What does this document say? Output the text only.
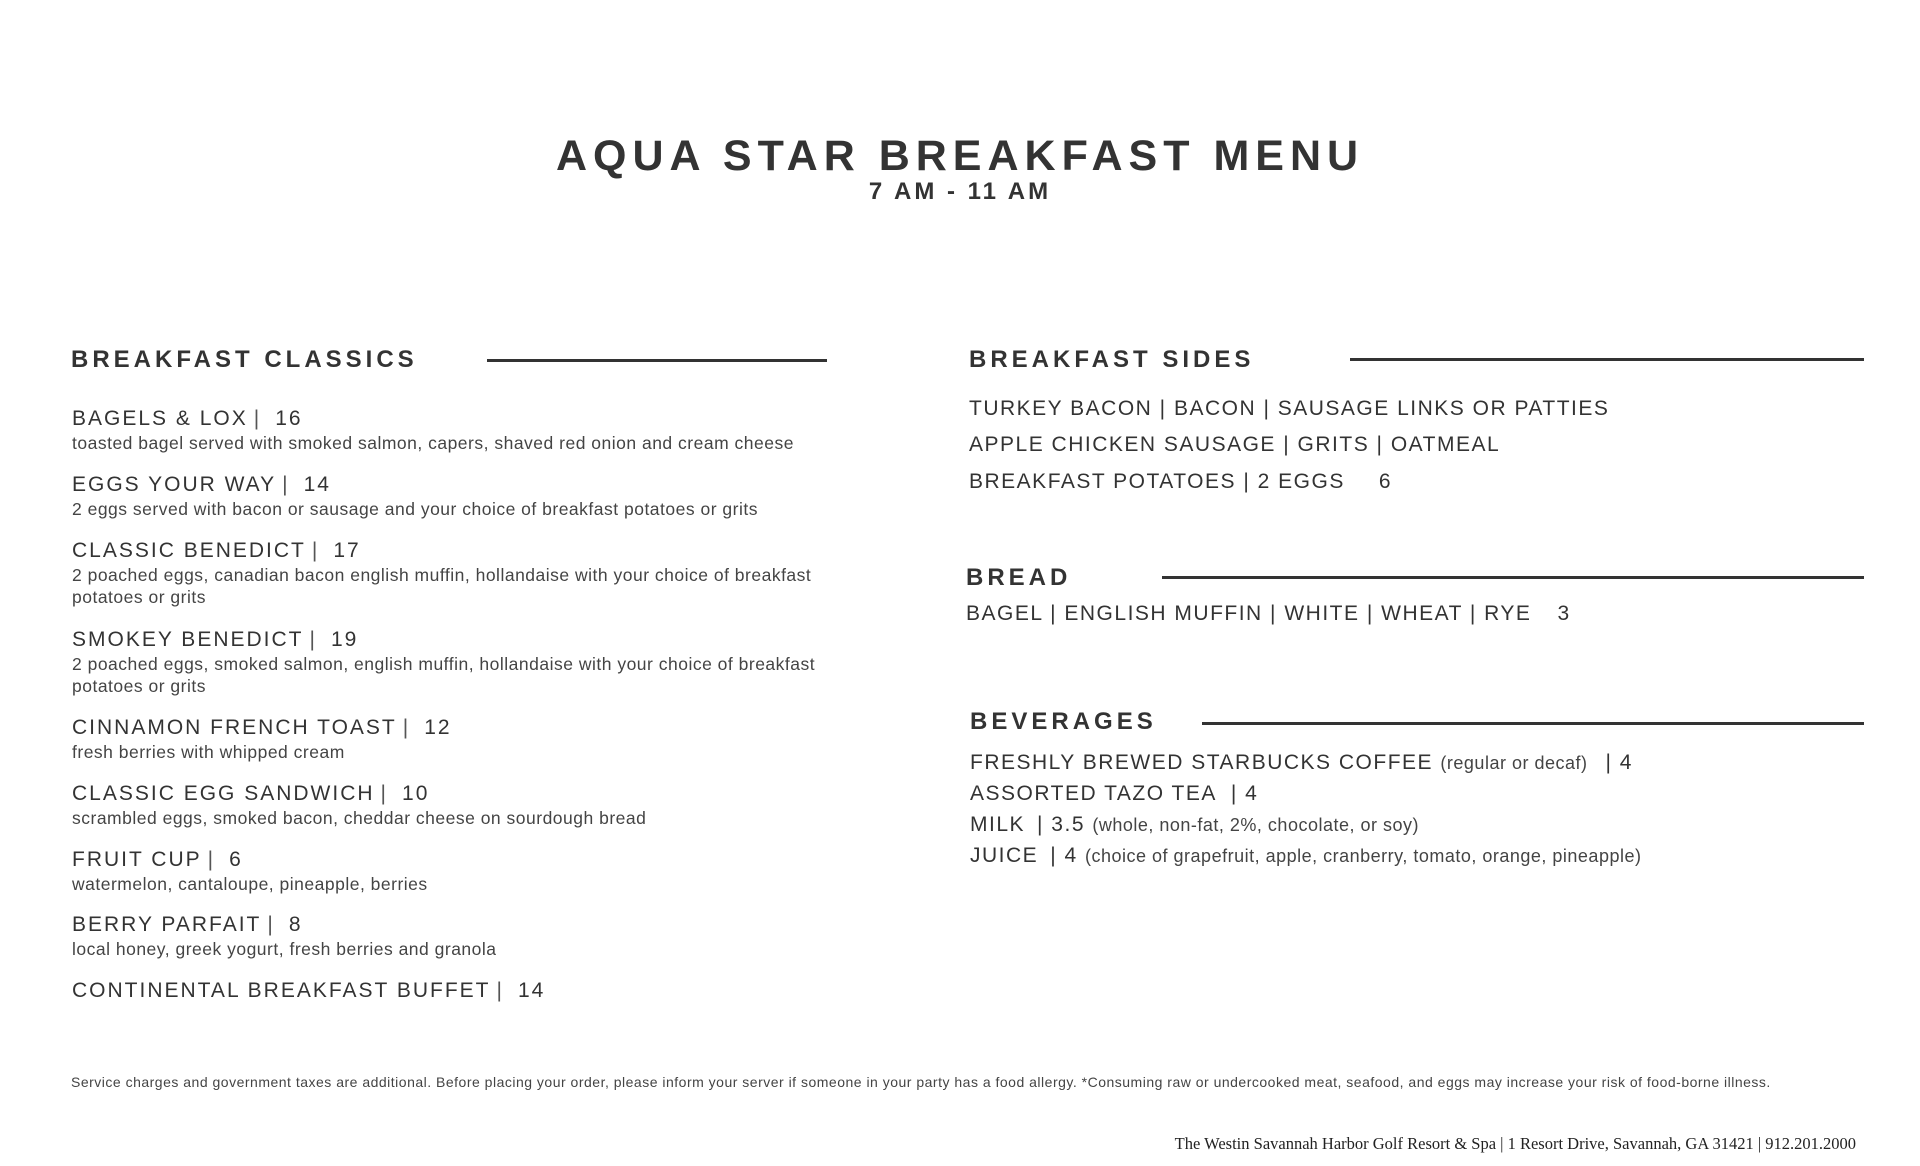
AQUA STAR BREAKFAST MENU
7 AM - 11 AM
BREAKFAST CLASSICS
BAGELS & LOX | 16
toasted bagel served with smoked salmon, capers, shaved red onion and cream cheese
EGGS YOUR WAY | 14
2 eggs served with bacon or sausage and your choice of breakfast potatoes or grits
CLASSIC BENEDICT | 17
2 poached eggs, canadian bacon english muffin, hollandaise with your choice of breakfast potatoes or grits
SMOKEY BENEDICT | 19
2 poached eggs, smoked salmon, english muffin, hollandaise with your choice of breakfast potatoes or grits
CINNAMON FRENCH TOAST | 12
fresh berries with whipped cream
CLASSIC EGG SANDWICH | 10
scrambled eggs, smoked bacon, cheddar cheese on sourdough bread
FRUIT CUP | 6
watermelon, cantaloupe, pineapple, berries
BERRY PARFAIT | 8
local honey, greek yogurt, fresh berries and granola
CONTINENTAL BREAKFAST BUFFET | 14
BREAKFAST SIDES
TURKEY BACON | BACON | SAUSAGE LINKS OR PATTIES
APPLE CHICKEN SAUSAGE | GRITS | OATMEAL
BREAKFAST POTATOES | 2 EGGS 6
BREAD
BAGEL | ENGLISH MUFFIN | WHITE | WHEAT | RYE 3
BEVERAGES
FRESHLY BREWED STARBUCKS COFFEE (regular or decaf) | 4
ASSORTED TAZO TEA | 4
MILK | 3.5 (whole, non-fat, 2%, chocolate, or soy)
JUICE | 4 (choice of grapefruit, apple, cranberry, tomato, orange, pineapple)
Service charges and government taxes are additional. Before placing your order, please inform your server if someone in your party has a food allergy. *Consuming raw or undercooked meat, seafood, and eggs may increase your risk of food-borne illness.
The Westin Savannah Harbor Golf Resort & Spa | 1 Resort Drive, Savannah, GA 31421 | 912.201.2000
